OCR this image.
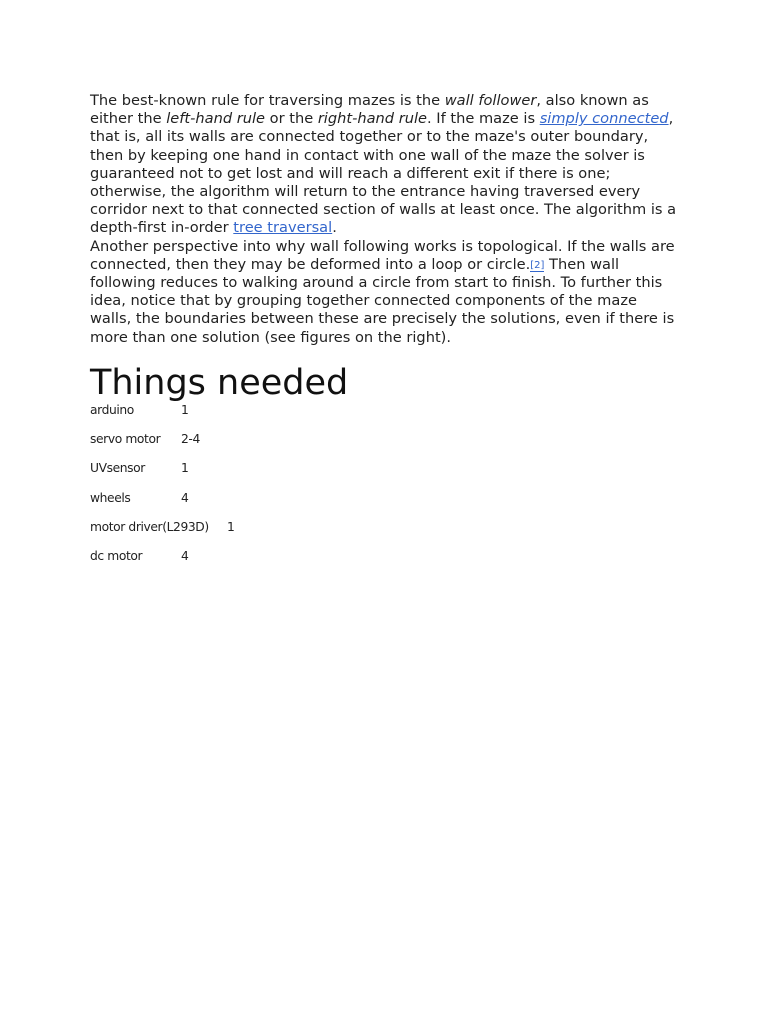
The best-known rule for traversing mazes is the wall follower, also known as either the left-hand rule or the right-hand rule. If the maze is simply connected, that is, all its walls are connected together or to the maze's outer boundary, then by keeping one hand in contact with one wall of the maze the solver is guaranteed not to get lost and will reach a different exit if there is one; otherwise, the algorithm will return to the entrance having traversed every corridor next to that connected section of walls at least once. The algorithm is a depth-first in-order tree traversal.

Another perspective into why wall following works is topological. If the walls are connected, then they may be deformed into a loop or circle.[2] Then wall following reduces to walking around a circle from start to finish. To further this idea, notice that by grouping together connected components of the maze walls, the boundaries between these are precisely the solutions, even if there is more than one solution (see figures on the right).

Things needed
arduino	1
servo motor	2-4
UVsensor	1
wheels	4
motor driver(L293D)	1
dc motor	4
